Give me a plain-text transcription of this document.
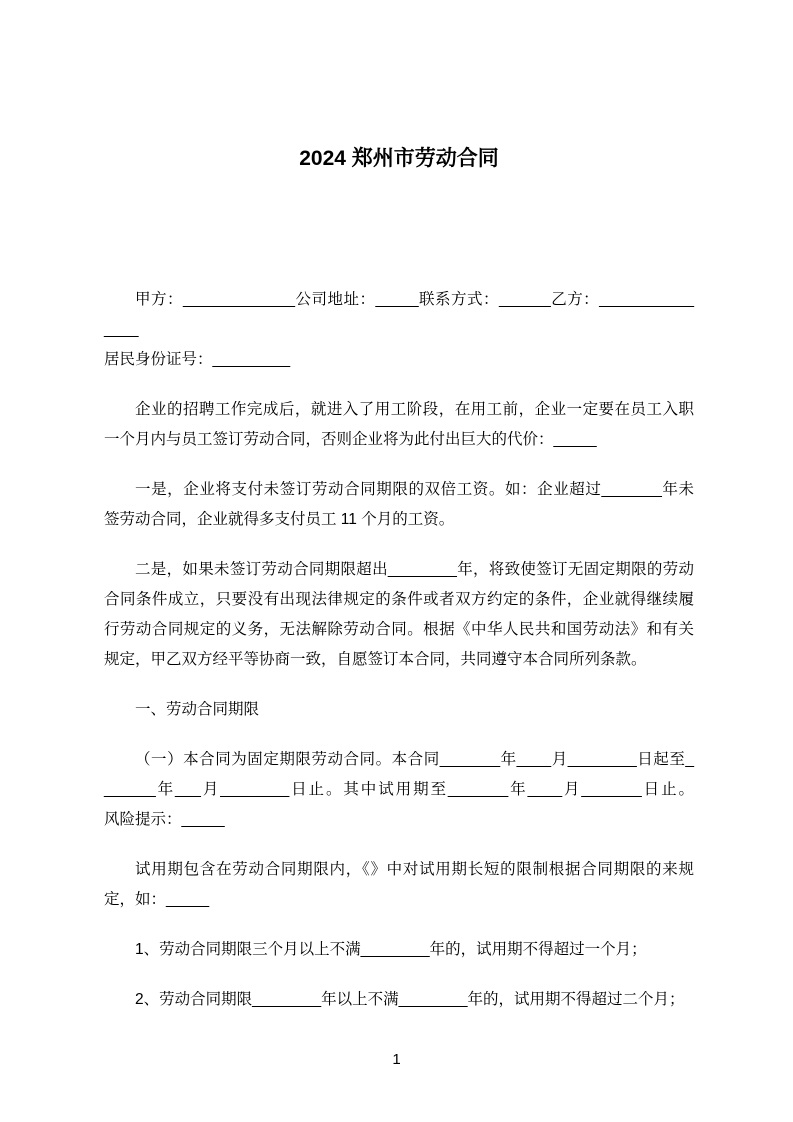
2024 郑州市劳动合同
甲方：_____________公司地址：_____联系方式：______乙方：___________ ____
居民身份证号：_________
企业的招聘工作完成后，就进入了用工阶段，在用工前，企业一定要在员工入职
一个月内与员工签订劳动合同，否则企业将为此付出巨大的代价：_____
一是，企业将支付未签订劳动合同期限的双倍工资。如：企业超过_______年未
签劳动合同，企业就得多支付员工 11 个月的工资。
二是，如果未签订劳动合同期限超出________年，将致使签订无固定期限的劳动
合同条件成立，只要没有出现法律规定的条件或者双方约定的条件，企业就得继续履
行劳动合同规定的义务，无法解除劳动合同。根据《中华人民共和国劳动法》和有关
规定，甲乙双方经平等协商一致，自愿签订本合同，共同遵守本合同所列条款。
一、劳动合同期限
（一）本合同为固定期限劳动合同。本合同_______年____月________日起至_
______年___月________日止。其中试用期至_______年____月_______日止。
风险提示：_____
试用期包含在劳动合同期限内，《》中对试用期长短的限制根据合同期限的来规
定，如：_____
1、劳动合同期限三个月以上不满________年的，试用期不得超过一个月；
2、劳动合同期限________年以上不满________年的，试用期不得超过二个月；
1
